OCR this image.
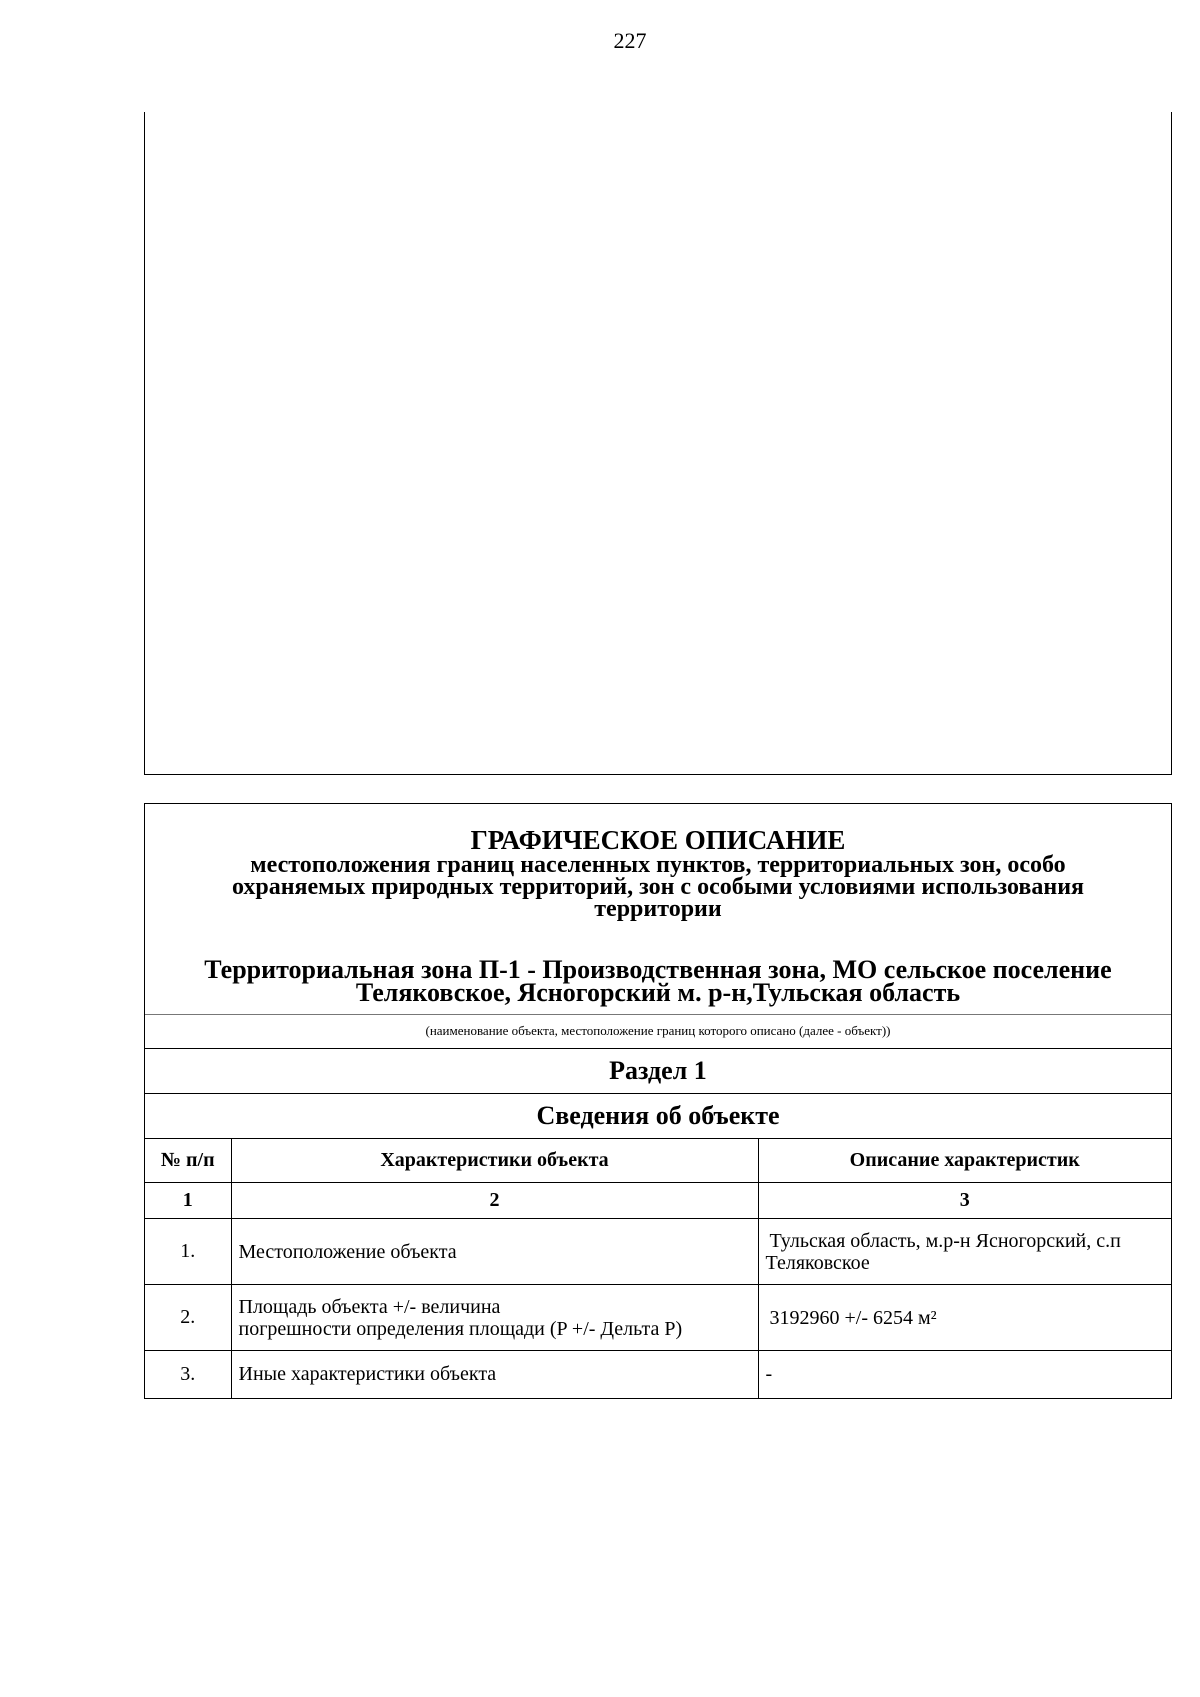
227
ГРАФИЧЕСКОЕ ОПИСАНИЕ
местоположения границ населенных пунктов, территориальных зон, особо
охраняемых природных территорий, зон с особыми условиями использования
территории
Территориальная зона П-1 - Производственная зона, МО сельское поселение
Теляковское, Ясногорский м. р-н,Тульская область
(наименование объекта, местоположение границ которого описано (далее - объект))
Раздел 1
Сведения об объекте
№ п/п	Характеристики объекта	Описание характеристик
1	2	3
1.	Местоположение объекта	Тульская область, м.р-н Ясногорский, с.п
Теляковское

2.	Площадь объекта +/- величина
погрешности определения площади (P +/- Дельта P)	3192960 +/- 6254 м²

3.	Иные характеристики объекта	-
